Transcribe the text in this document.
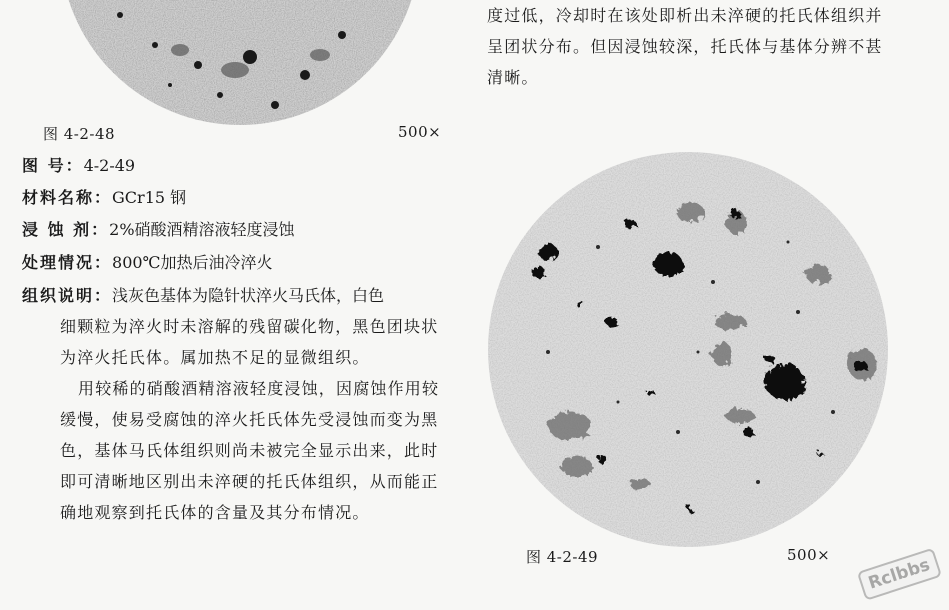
图 4-2-48	500×
图 号：4-2-49
材料名称：GCr15 钢
浸 蚀 剂：2%硝酸酒精溶液轻度浸蚀
处理情况：800℃加热后油冷淬火
组织说明：浅灰色基体为隐针状淬火马氏体，白色
细颗粒为淬火时未溶解的残留碳化物，黑色团块状为淬火托氏体。属加热不足的显微组织。
用较稀的硝酸酒精溶液轻度浸蚀，因腐蚀作用较缓慢，使易受腐蚀的淬火托氏体先受浸蚀而变为黑色，基体马氏体组织则尚未被完全显示出来，此时即可清晰地区别出未淬硬的托氏体组织，从而能正确地观察到托氏体的含量及其分布情况。
度过低，冷却时在该处即析出未淬硬的托氏体组织并呈团状分布。但因浸蚀较深，托氏体与基体分辨不甚清晰。
图 4-2-49	500×
Rclbbs
